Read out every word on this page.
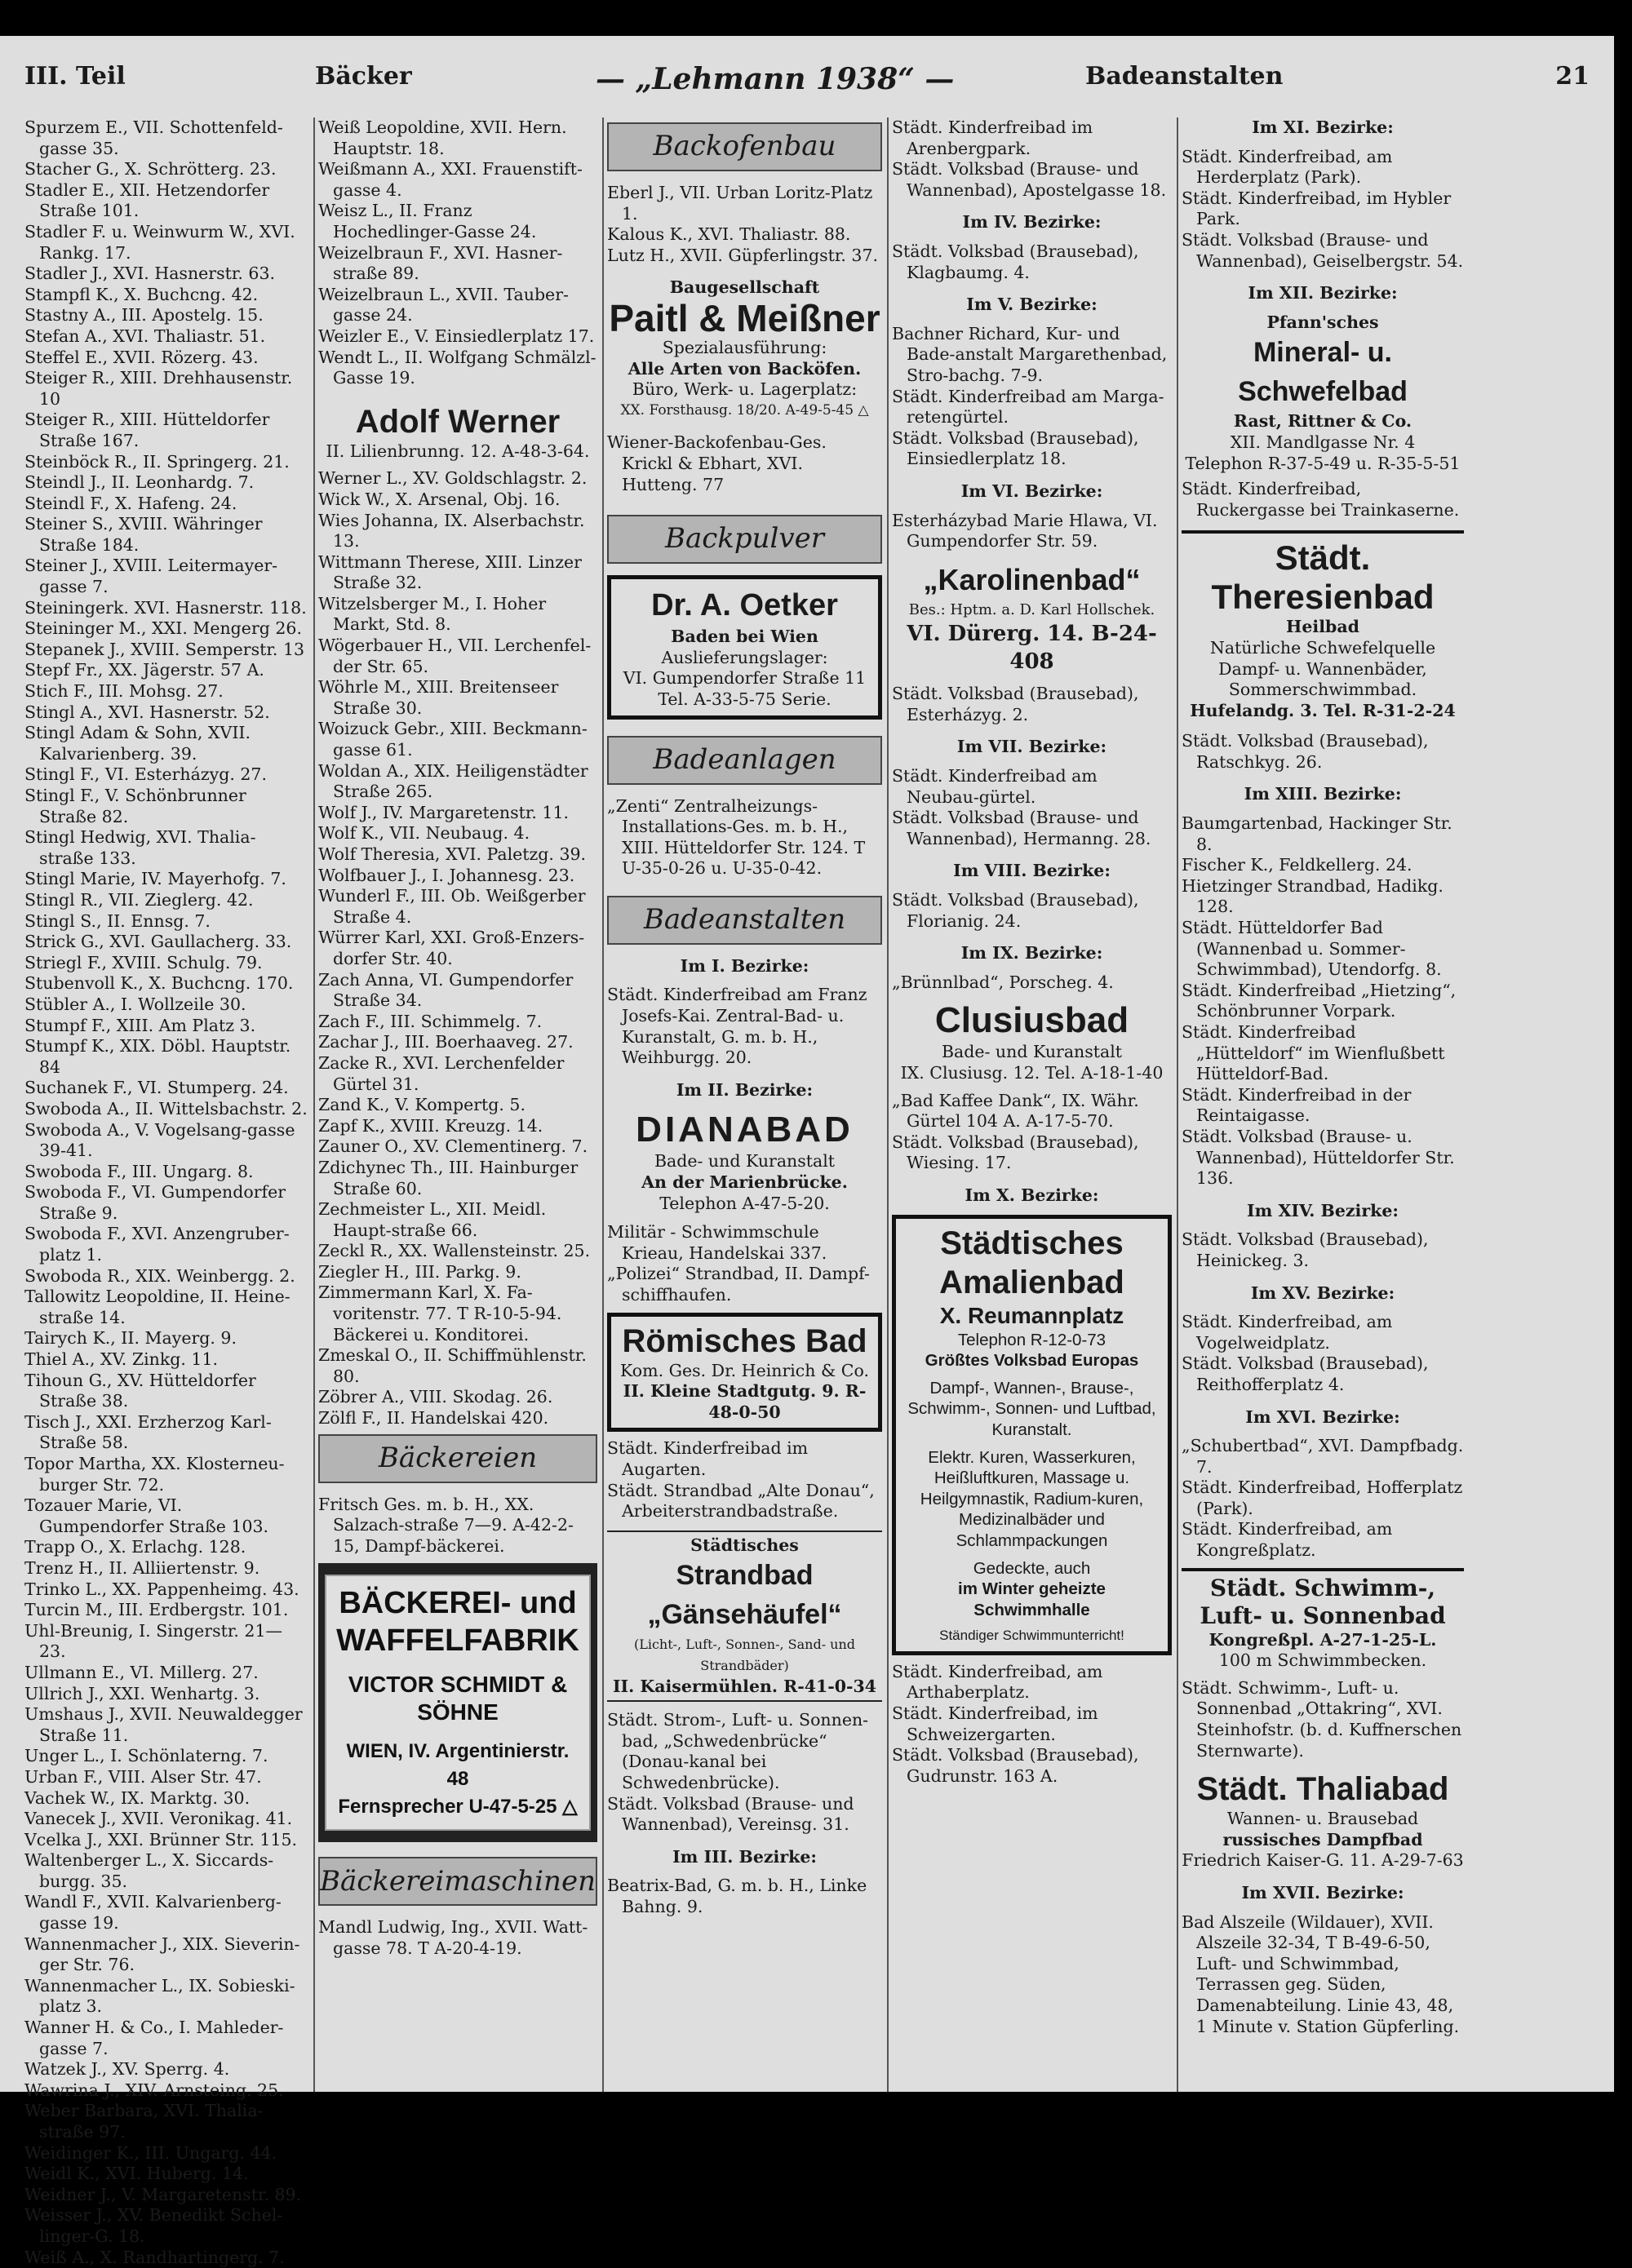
III. Teil	Bäcker	— „Lehmann 1938“ —	Badeanstalten	21

Spurzem E., VII. Schottenfeld-gasse 35.

Stacher G., X. Schrötterg. 23.

Stadler E., XII. Hetzendorfer Straße 101.

Stadler F. u. Weinwurm W., XVI. Rankg. 17.

Stadler J., XVI. Hasnerstr. 63.

Stampfl K., X. Buchcng. 42.

Stastny A., III. Apostelg. 15.

Stefan A., XVI. Thaliastr. 51.

Steffel E., XVII. Rözerg. 43.

Steiger R., XIII. Drehhausenstr. 10

Steiger R., XIII. Hütteldorfer Straße 167.

Steinböck R., II. Springerg. 21.

Steindl J., II. Leonhardg. 7.

Steindl F., X. Hafeng. 24.

Steiner S., XVIII. Währinger Straße 184.

Steiner J., XVIII. Leitermayer-gasse 7.

Steiningerk. XVI. Hasnerstr. 118.

Steininger M., XXI. Mengerg 26.

Stepanek J., XVIII. Semperstr. 13

Stepf Fr., XX. Jägerstr. 57 A.

Stich F., III. Mohsg. 27.

Stingl A., XVI. Hasnerstr. 52.

Stingl Adam & Sohn, XVII. Kalvarienberg. 39.

Stingl F., VI. Esterházyg. 27.

Stingl F., V. Schönbrunner Straße 82.

Stingl Hedwig, XVI. Thalia-straße 133.

Stingl Marie, IV. Mayerhofg. 7.

Stingl R., VII. Zieglerg. 42.

Stingl S., II. Ennsg. 7.

Strick G., XVI. Gaullacherg. 33.

Striegl F., XVIII. Schulg. 79.

Stubenvoll K., X. Buchcng. 170.

Stübler A., I. Wollzeile 30.

Stumpf F., XIII. Am Platz 3.

Stumpf K., XIX. Döbl. Hauptstr. 84

Suchanek F., VI. Stumperg. 24.

Swoboda A., II. Wittelsbachstr. 2.

Swoboda A., V. Vogelsang-gasse 39-41.

Swoboda F., III. Ungarg. 8.

Swoboda F., VI. Gumpendorfer Straße 9.

Swoboda F., XVI. Anzengruber-platz 1.

Swoboda R., XIX. Weinbergg. 2.

Tallowitz Leopoldine, II. Heine-straße 14.

Tairych K., II. Mayerg. 9.

Thiel A., XV. Zinkg. 11.

Tihoun G., XV. Hütteldorfer Straße 38.

Tisch J., XXI. Erzherzog Karl-Straße 58.

Topor Martha, XX. Klosterneu-burger Str. 72.

Tozauer Marie, VI. Gumpendorfer Straße 103.

Trapp O., X. Erlachg. 128.

Trenz H., II. Alliiertenstr. 9.

Trinko L., XX. Pappenheimg. 43.

Turcin M., III. Erdbergstr. 101.

Uhl-Breunig, I. Singerstr. 21—23.

Ullmann E., VI. Millerg. 27.

Ullrich J., XXI. Wenhartg. 3.

Umshaus J., XVII. Neuwaldegger Straße 11.

Unger L., I. Schönlaterng. 7.

Urban F., VIII. Alser Str. 47.

Vachek W., IX. Marktg. 30.

Vanecek J., XVII. Veronikag. 41.

Vcelka J., XXI. Brünner Str. 115.

Waltenberger L., X. Siccards-burgg. 35.

Wandl F., XVII. Kalvarienberg-gasse 19.

Wannenmacher J., XIX. Sieverin-ger Str. 76.

Wannenmacher L., IX. Sobieski-platz 3.

Wanner H. & Co., I. Mahleder-gasse 7.

Watzek J., XV. Sperrg. 4.

Wawrina J., XIV. Arnsteing. 25.

Weber Barbara, XVI. Thalia-straße 97.

Weidinger K., III. Ungarg. 44.

Weidl K., XVI. Huberg. 14.

Weidner J., V. Margaretenstr. 89.

Weisser J., XV. Benedikt Schel-linger-G. 18.

Weiß A., X. Randhartingerg. 7.

Weiß Leopoldine, XVII. Hern. Hauptstr. 18.

Weißmann A., XXI. Frauenstift-gasse 4.

Weisz L., II. Franz Hochedlinger-Gasse 24.

Weizelbraun F., XVI. Hasner-straße 89.

Weizelbraun L., XVII. Tauber-gasse 24.

Weizler E., V. Einsiedlerplatz 17.

Wendt L., II. Wolfgang Schmälzl-Gasse 19.

Adolf Werner

II. Lilienbrunng. 12. A-48-3-64.

Werner L., XV. Goldschlagstr. 2.

Wick W., X. Arsenal, Obj. 16.

Wies Johanna, IX. Alserbachstr. 13.

Wittmann Therese, XIII. Linzer Straße 32.

Witzelsberger M., I. Hoher Markt, Std. 8.

Wögerbauer H., VII. Lerchenfel-der Str. 65.

Wöhrle M., XIII. Breitenseer Straße 30.

Woizuck Gebr., XIII. Beckmann-gasse 61.

Woldan A., XIX. Heiligenstädter Straße 265.

Wolf J., IV. Margaretenstr. 11.

Wolf K., VII. Neubaug. 4.

Wolf Theresia, XVI. Paletzg. 39.

Wolfbauer J., I. Johannesg. 23.

Wunderl F., III. Ob. Weißgerber Straße 4.

Würrer Karl, XXI. Groß-Enzers-dorfer Str. 40.

Zach Anna, VI. Gumpendorfer Straße 34.

Zach F., III. Schimmelg. 7.

Zachar J., III. Boerhaaveg. 27.

Zacke R., XVI. Lerchenfelder Gürtel 31.

Zand K., V. Kompertg. 5.

Zapf K., XVIII. Kreuzg. 14.

Zauner O., XV. Clementinerg. 7.

Zdichynec Th., III. Hainburger Straße 60.

Zechmeister L., XII. Meidl. Haupt-straße 66.

Zeckl R., XX. Wallensteinstr. 25.

Ziegler H., III. Parkg. 9.

Zimmermann Karl, X. Fa-voritenstr. 77. T R-10-5-94. Bäckerei u. Konditorei.

Zmeskal O., II. Schiffmühlenstr. 80.

Zöbrer A., VIII. Skodag. 26.

Zölfl F., II. Handelskai 420.

Bäckereien

Fritsch Ges. m. b. H., XX. Salzach-straße 7—9. A-42-2-15, Dampf-bäckerei.

BÄCKEREI- und
WAFFELFABRIK
VICTOR SCHMIDT & SÖHNE
WIEN, IV. Argentinierstr. 48
Fernsprecher U-47-5-25 △
Bäckereimaschinen

Mandl Ludwig, Ing., XVII. Watt-gasse 78. T A-20-4-19.

Backofenbau

Eberl J., VII. Urban Loritz-Platz 1.

Kalous K., XVI. Thaliastr. 88.

Lutz H., XVII. Güpferlingstr. 37.

Baugesellschaft
Paitl & Meißner
Spezialausführung:
Alle Arten von Backöfen.
Büro, Werk- u. Lagerplatz:
XX. Forsthausg. 18/20. A-49-5-45 △

Wiener-Backofenbau-Ges. Krickl & Ebhart, XVI. Hutteng. 77

Backpulver
Dr. A. Oetker
Baden bei Wien
Auslieferungslager:
VI. Gumpendorfer Straße 11
Tel. A-33-5-75 Serie.
Badeanlagen

„Zenti“ Zentralheizungs-Installations-Ges. m. b. H., XIII. Hütteldorfer Str. 124. T U-35-0-26 u. U-35-0-42.

Badeanstalten
Im I. Bezirke:

Städt. Kinderfreibad am Franz Josefs-Kai. Zentral-Bad- u. Kuranstalt, G. m. b. H., Weihburgg. 20.

Im II. Bezirke:
DIANABAD
Bade- und Kuranstalt
An der Marienbrücke.
Telephon A-47-5-20.

Militär - Schwimmschule Krieau, Handelskai 337.

„Polizei“ Strandbad, II. Dampf-schiffhaufen.

Römisches Bad
Kom. Ges. Dr. Heinrich & Co.
II. Kleine Stadtgutg. 9. R-48-0-50

Städt. Kinderfreibad im Augarten.

Städt. Strandbad „Alte Donau“, Arbeiterstrandbadstraße.

Städtisches
Strandbad „Gänsehäufel“
(Licht-, Luft-, Sonnen-, Sand- und Strandbäder)
II. Kaisermühlen. R-41-0-34

Städt. Strom-, Luft- u. Sonnen-bad, „Schwedenbrücke“ (Donau-kanal bei Schwedenbrücke).

Städt. Volksbad (Brause- und Wannenbad), Vereinsg. 31.

Im III. Bezirke:

Beatrix-Bad, G. m. b. H., Linke Bahng. 9.

Städt. Kinderfreibad im Arenbergpark.

Städt. Volksbad (Brause- und Wannenbad), Apostelgasse 18.

Im IV. Bezirke:

Städt. Volksbad (Brausebad), Klagbaumg. 4.

Im V. Bezirke:

Bachner Richard, Kur- und Bade-anstalt Margarethenbad, Stro-bachg. 7-9.

Städt. Kinderfreibad am Marga-retengürtel.

Städt. Volksbad (Brausebad), Einsiedlerplatz 18.

Im VI. Bezirke:

Esterházybad Marie Hlawa, VI. Gumpendorfer Str. 59.

„Karolinenbad“
Bes.: Hptm. a. D. Karl Hollschek.
VI. Dürerg. 14. B-24-408

Städt. Volksbad (Brausebad), Esterházyg. 2.

Im VII. Bezirke:

Städt. Kinderfreibad am Neubau-gürtel.

Städt. Volksbad (Brause- und Wannenbad), Hermanng. 28.

Im VIII. Bezirke:

Städt. Volksbad (Brausebad), Florianig. 24.

Im IX. Bezirke:

„Brünnlbad“, Porscheg. 4.

Clusiusbad
Bade- und Kuranstalt
IX. Clusiusg. 12. Tel. A-18-1-40

„Bad Kaffee Dank“, IX. Währ. Gürtel 104 A. A-17-5-70.

Städt. Volksbad (Brausebad), Wiesing. 17.

Im X. Bezirke:
Städtisches
Amalienbad
X. Reumannplatz
Telephon R-12-0-73
Größtes Volksbad Europas
Dampf-, Wannen-, Brause-, Schwimm-, Sonnen- und Luftbad, Kuranstalt.
Elektr. Kuren, Wasserkuren, Heißluftkuren, Massage u. Heilgymnastik, Radium-kuren, Medizinalbäder und Schlammpackungen
Gedeckte, auch
im Winter geheizte
Schwimmhalle
Ständiger Schwimmunterricht!

Städt. Kinderfreibad, am Arthaberplatz.

Städt. Kinderfreibad, im Schweizergarten.

Städt. Volksbad (Brausebad), Gudrunstr. 163 A.

Im XI. Bezirke:

Städt. Kinderfreibad, am Herderplatz (Park).

Städt. Kinderfreibad, im Hybler Park.

Städt. Volksbad (Brause- und Wannenbad), Geiselbergstr. 54.

Im XII. Bezirke:
Pfann'sches
Mineral- u. Schwefelbad
Rast, Rittner & Co.
XII. Mandlgasse Nr. 4
Telephon R-37-5-49 u. R-35-5-51

Städt. Kinderfreibad, Ruckergasse bei Trainkaserne.

Städt. Theresienbad
Heilbad
Natürliche Schwefelquelle
Dampf- u. Wannenbäder, Sommerschwimmbad.
Hufelandg. 3. Tel. R-31-2-24

Städt. Volksbad (Brausebad), Ratschkyg. 26.

Im XIII. Bezirke:

Baumgartenbad, Hackinger Str. 8.

Fischer K., Feldkellerg. 24.

Hietzinger Strandbad, Hadikg. 128.

Städt. Hütteldorfer Bad (Wannenbad u. Sommer-Schwimmbad), Utendorfg. 8.

Städt. Kinderfreibad „Hietzing“, Schönbrunner Vorpark.

Städt. Kinderfreibad „Hütteldorf“ im Wienflußbett Hütteldorf-Bad.

Städt. Kinderfreibad in der Reintaigasse.

Städt. Volksbad (Brause- u. Wannenbad), Hütteldorfer Str. 136.

Im XIV. Bezirke:

Städt. Volksbad (Brausebad), Heinickeg. 3.

Im XV. Bezirke:

Städt. Kinderfreibad, am Vogelweidplatz.

Städt. Volksbad (Brausebad), Reithofferplatz 4.

Im XVI. Bezirke:

„Schubertbad“, XVI. Dampfbadg. 7.

Städt. Kinderfreibad, Hofferplatz (Park).

Städt. Kinderfreibad, am Kongreßplatz.

Städt. Schwimm-,
Luft- u. Sonnenbad
Kongreßpl. A-27-1-25-L.
100 m Schwimmbecken.

Städt. Schwimm-, Luft- u. Sonnenbad „Ottakring“, XVI. Steinhofstr. (b. d. Kuffnerschen Sternwarte).

Städt. Thaliabad
Wannen- u. Brausebad
russisches Dampfbad
Friedrich Kaiser-G. 11. A-29-7-63
Im XVII. Bezirke:

Bad Alszeile (Wildauer), XVII. Alszeile 32-34, T B-49-6-50, Luft- und Schwimmbad, Terrassen geg. Süden, Damenabteilung. Linie 43, 48, 1 Minute v. Station Güpferling.
